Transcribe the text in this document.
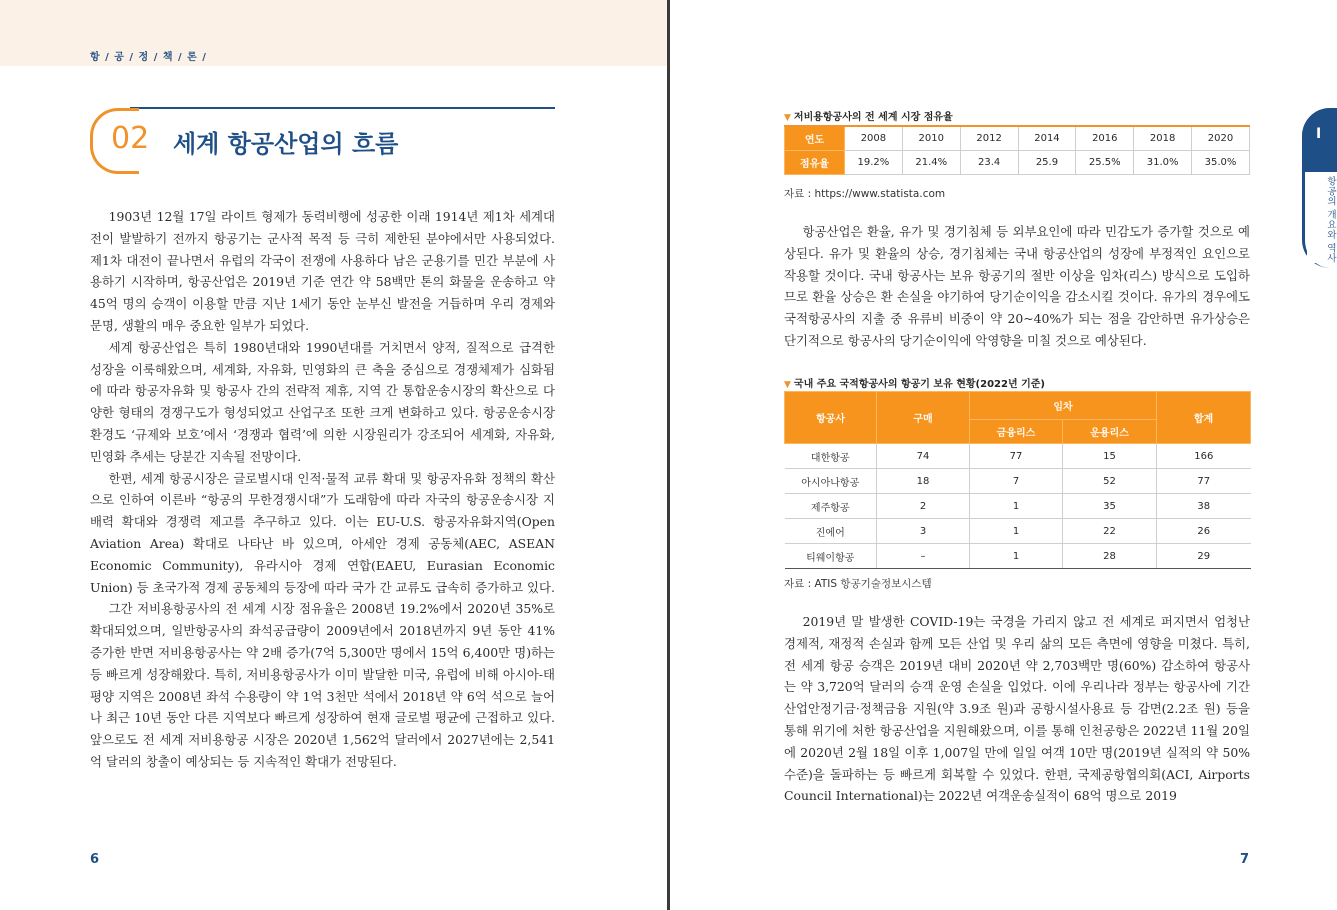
항 / 공 / 정 / 책 / 론 /
02 세계 항공산업의 흐름

1903년 12월 17일 라이트 형제가 동력비행에 성공한 이래 1914년 제1차 세계대전이 발발하기 전까지 항공기는 군사적 목적 등 극히 제한된 분야에서만 사용되었다. 제1차 대전이 끝나면서 유럽의 각국이 전쟁에 사용하다 남은 군용기를 민간 부분에 사용하기 시작하며, 항공산업은 2019년 기준 연간 약 58백만 톤의 화물을 운송하고 약 45억 명의 승객이 이용할 만큼 지난 1세기 동안 눈부신 발전을 거듭하며 우리 경제와 문명, 생활의 매우 중요한 일부가 되었다.

세계 항공산업은 특히 1980년대와 1990년대를 거치면서 양적, 질적으로 급격한 성장을 이룩해왔으며, 세계화, 자유화, 민영화의 큰 축을 중심으로 경쟁체제가 심화됨에 따라 항공자유화 및 항공사 간의 전략적 제휴, 지역 간 통합운송시장의 확산으로 다양한 형태의 경쟁구도가 형성되었고 산업구조 또한 크게 변화하고 있다. 항공운송시장 환경도 ‘규제와 보호’에서 ‘경쟁과 협력’에 의한 시장원리가 강조되어 세계화, 자유화, 민영화 추세는 당분간 지속될 전망이다.

한편, 세계 항공시장은 글로벌시대 인적·물적 교류 확대 및 항공자유화 정책의 확산으로 인하여 이른바 “항공의 무한경쟁시대”가 도래함에 따라 자국의 항공운송시장 지배력 확대와 경쟁력 제고를 추구하고 있다. 이는 EU-U.S. 항공자유화지역(Open Aviation Area) 확대로 나타난 바 있으며, 아세안 경제 공동체(AEC, ASEAN Economic Community), 유라시아 경제 연합(EAEU, Eurasian Economic Union) 등 초국가적 경제 공동체의 등장에 따라 국가 간 교류도 급속히 증가하고 있다.

그간 저비용항공사의 전 세계 시장 점유율은 2008년 19.2%에서 2020년 35%로 확대되었으며, 일반항공사의 좌석공급량이 2009년에서 2018년까지 9년 동안 41% 증가한 반면 저비용항공사는 약 2배 증가(7억 5,300만 명에서 15억 6,400만 명)하는 등 빠르게 성장해왔다. 특히, 저비용항공사가 이미 발달한 미국, 유럽에 비해 아시아-태평양 지역은 2008년 좌석 수용량이 약 1억 3천만 석에서 2018년 약 6억 석으로 늘어나 최근 10년 동안 다른 지역보다 빠르게 성장하여 현재 글로벌 평균에 근접하고 있다. 앞으로도 전 세계 저비용항공 시장은 2020년 1,562억 달러에서 2027년에는 2,541억 달러의 창출이 예상되는 등 지속적인 확대가 전망된다.

6
▼ 저비용항공사의 전 세계 시장 점유율
연도	2008	2010	2012	2014	2016	2018	2020
점유율	19.2%	21.4%	23.4	25.9	25.5%	31.0%	35.0%
자료 : https://www.statista.com

항공산업은 환율, 유가 및 경기침체 등 외부요인에 따라 민감도가 증가할 것으로 예상된다. 유가 및 환율의 상승, 경기침체는 국내 항공산업의 성장에 부정적인 요인으로 작용할 것이다. 국내 항공사는 보유 항공기의 절반 이상을 임차(리스) 방식으로 도입하므로 환율 상승은 환 손실을 야기하여 당기순이익을 감소시킬 것이다. 유가의 경우에도 국적항공사의 지출 중 유류비 비중이 약 20~40%가 되는 점을 감안하면 유가상승은 단기적으로 항공사의 당기순이익에 악영향을 미칠 것으로 예상된다.

▼ 국내 주요 국적항공사의 항공기 보유 현황(2022년 기준)
항공사	구매	임차		합계
		금융리스	운용리스	
대한항공	74	77	15	166
아시아나항공	18	7	52	77
제주항공	2	1	35	38
진에어	3	1	22	26
티웨이항공	–	1	28	29
자료 : ATIS 항공기술정보시스템

2019년 말 발생한 COVID-19는 국경을 가리지 않고 전 세계로 퍼지면서 엄청난 경제적, 재정적 손실과 함께 모든 산업 및 우리 삶의 모든 측면에 영향을 미쳤다. 특히, 전 세계 항공 승객은 2019년 대비 2020년 약 2,703백만 명(60%) 감소하여 항공사는 약 3,720억 달러의 승객 운영 손실을 입었다. 이에 우리나라 정부는 항공사에 기간산업안정기금·정책금융 지원(약 3.9조 원)과 공항시설사용료 등 감면(2.2조 원) 등을 통해 위기에 처한 항공산업을 지원해왔으며, 이를 통해 인천공항은 2022년 11월 20일에 2020년 2월 18일 이후 1,007일 만에 일일 여객 10만 명(2019년 실적의 약 50% 수준)을 돌파하는 등 빠르게 회복할 수 있었다. 한편, 국제공항협의회(ACI, Airports Council International)는 2022년 여객운송실적이 68억 명으로 2019

I
항공의 개요와 역사
7
